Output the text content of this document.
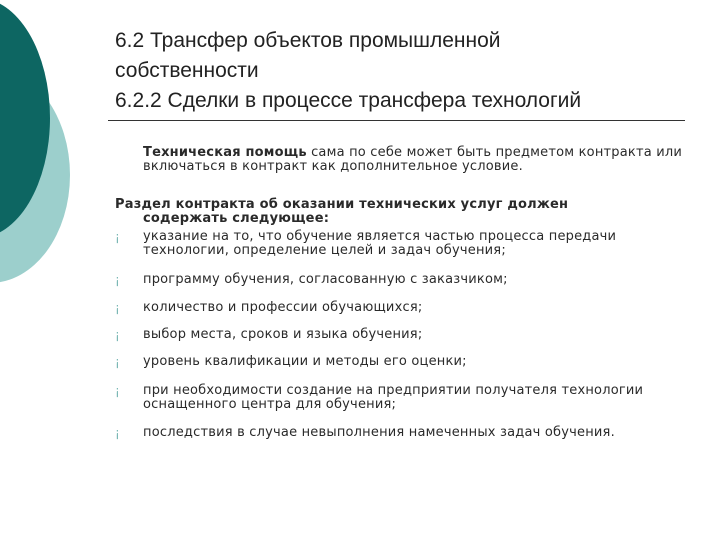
6.2 Трансфер объектов промышленной
собственности
6.2.2 Сделки в процессе трансфера технологий
Техническая помощь сама по себе может быть предметом контракта или включаться в контракт как дополнительное условие.
Раздел контракта об оказании технических услуг должен
содержать следующее:
¡	указание на то, что обучение является частью процесса передачи технологии, определение целей и задач обучения;
¡	программу обучения, согласованную с заказчиком;
¡	количество и профессии обучающихся;
¡	выбор места, сроков и языка обучения;
¡	уровень квалификации и методы его оценки;
¡	при необходимости создание на предприятии получателя технологии оснащенного центра для обучения;
¡	последствия в случае невыполнения намеченных задач обучения.
